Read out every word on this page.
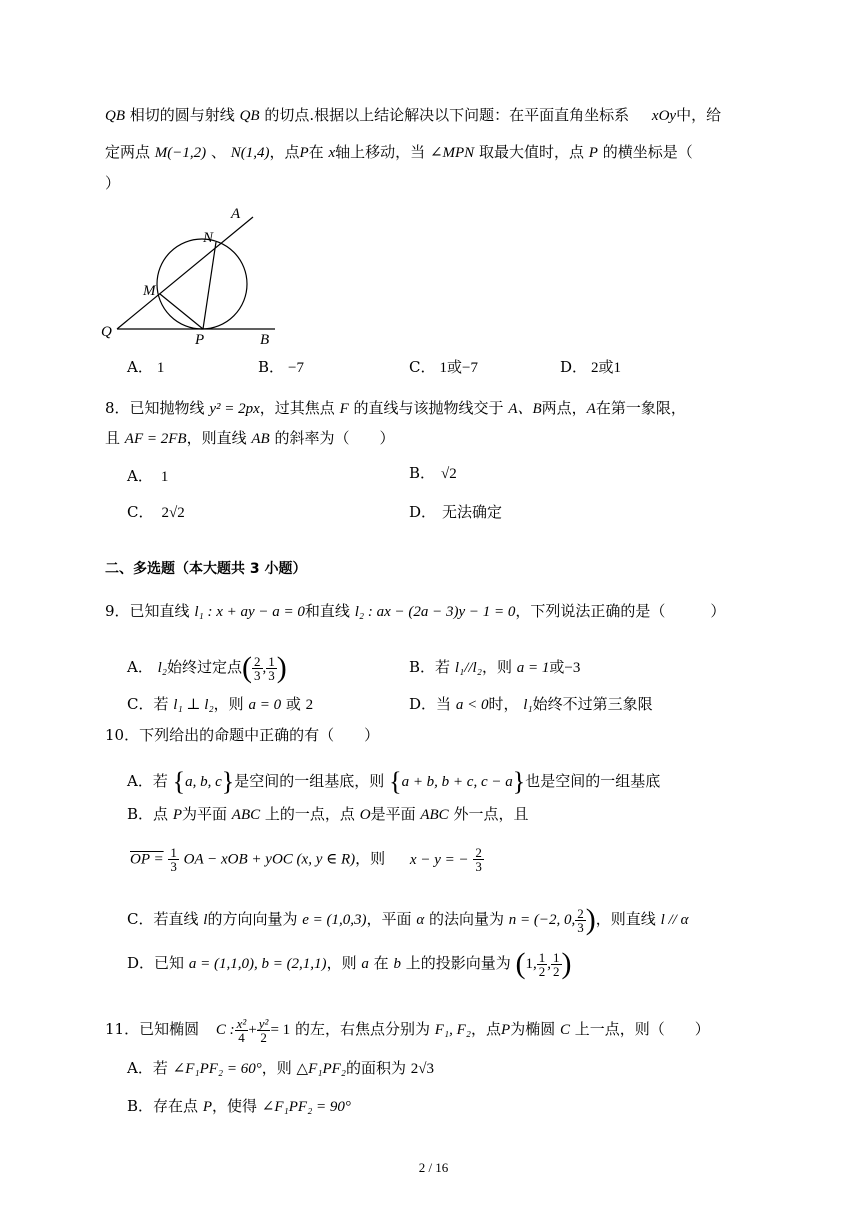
QB 相切的圆与射线 QB 的切点.根据以上结论解决以下问题：在平面直角坐标系 xOy中，给
定两点 M(−1,2) 、 N(1,4)，点P在 x轴上移动，当 ∠MPN 取最大值时，点 P 的横坐标是（
）
A
N
M
Q	P	B
A． 1	B． −7	C． 1或−7	D． 2或1
8．已知抛物线 y² = 2px，过其焦点 F 的直线与该抛物线交于 A、B两点，A在第一象限，
且 AF = 2FB，则直线 AB 的斜率为（　　）
A． 1	B． √2
C． 2√2	D． 无法确定
二、多选题（本大题共 3 小题）
9．已知直线 l₁ : x + ay − a = 0和直线 l₂ : ax − (2a − 3)y − 1 = 0，下列说法正确的是（　　　）
A． l₂始终过定点( $\frac{2}{3}$ , $\frac{1}{3}$ )	B．若 l₁//l₂，则 a = 1或−3
C．若 l₁ ⊥ l₂，则 a = 0 或 2	D．当 a < 0时， l₁始终不过第三象限
10．下列给出的命题中正确的有（　　）
A．若 {a, b, c}是空间的一组基底，则 {a + b, b + c, c − a}也是空间的一组基底
B．点 P为平面 ABC 上的一点，点 O是平面 ABC 外一点，且
OP = $\frac{1}{3}$ OA − xOB + yOC (x, y ∈ R)，则 x − y = − $\frac{2}{3}$
C．若直线 l的方向向量为 e = (1,0,3)，平面 α 的法向量为 n = (−2, 0, $\frac{2}{3}$ )，则直线 l // α
D．已知 a = (1,1,0), b = (2,1,1)，则 a 在 b 上的投影向量为 (1, $\frac{1}{2}$ , $\frac{1}{2}$ )
11．已知椭圆 C : $\frac{\text{x²}}{4} + \frac{\text{y²}}{2} = 1$ 的左，右焦点分别为 F₁, F₂，点P为椭圆 C 上一点，则（　　）
A．若 ∠F₁PF₂ = 60°，则 △F₁PF₂的面积为 2√3
B．存在点 P，使得 ∠F₁PF₂ = 90°
2 / 16
